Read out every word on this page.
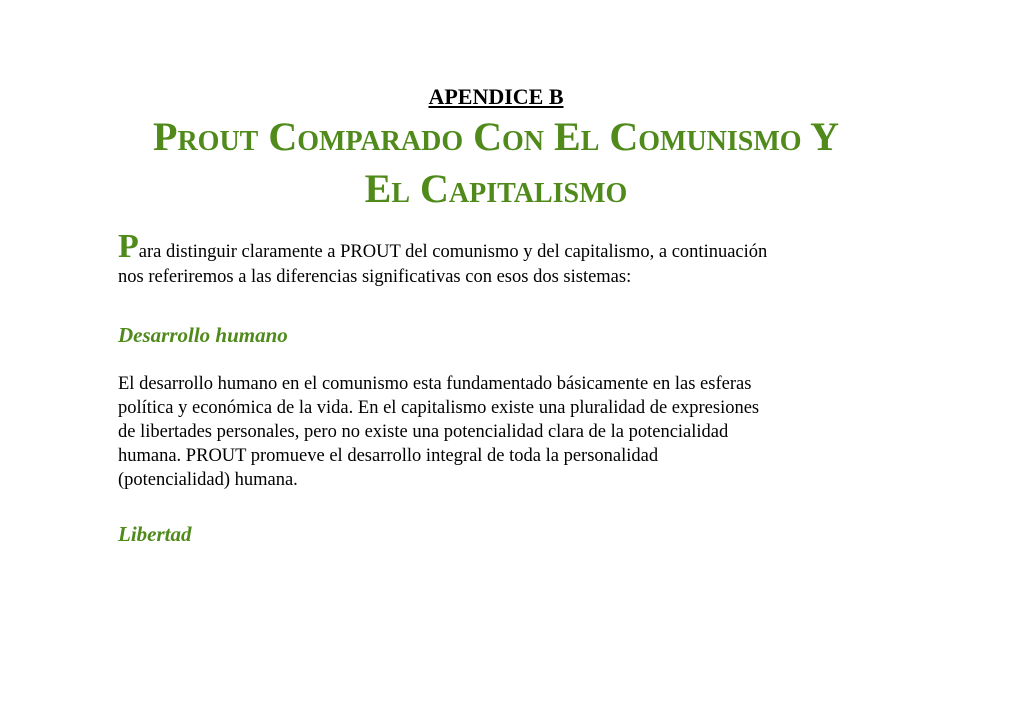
APENDICE B
Prout Comparado Con El Comunismo Y
El Capitalismo
Para distinguir claramente a PROUT del comunismo y del capitalismo, a continuación
nos referiremos a las diferencias significativas con esos dos sistemas:
Desarrollo humano
El desarrollo humano en el comunismo esta fundamentado básicamente en las esferas
política y económica de la vida. En el capitalismo existe una pluralidad de expresiones
de libertades personales, pero no existe una potencialidad clara de la potencialidad
humana. PROUT promueve el desarrollo integral de toda la personalidad
(potencialidad) humana.
Libertad
